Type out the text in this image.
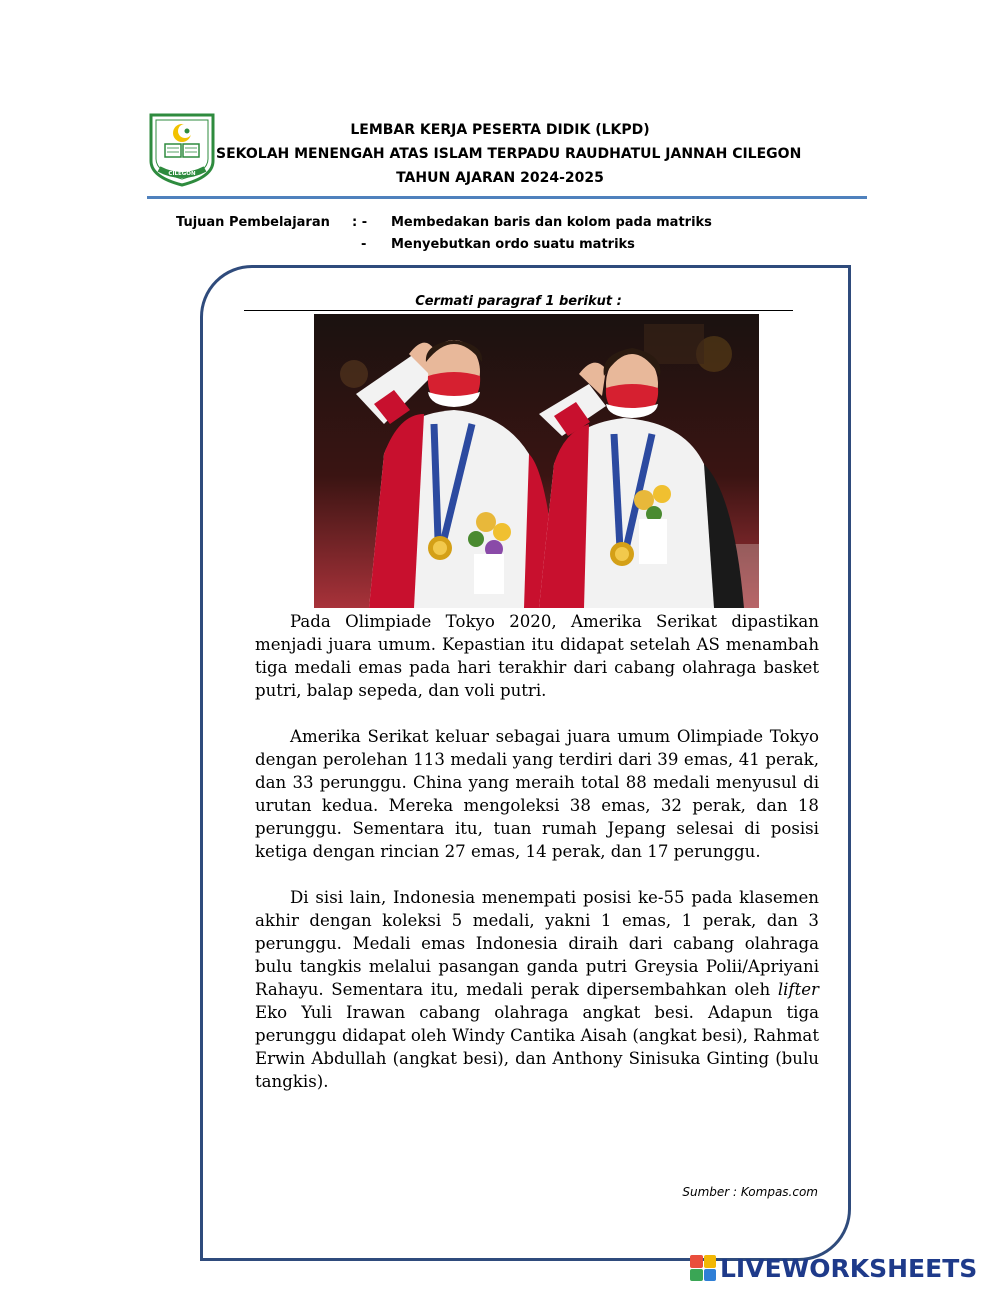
CILEGON
LEMBAR KERJA PESERTA DIDIK (LKPD)
SEKOLAH MENENGAH ATAS ISLAM TERPADU RAUDHATUL JANNAH CILEGON
TAHUN AJARAN 2024-2025
Tujuan Pembelajaran : -
-
Membedakan baris dan kolom pada matriks
Menyebutkan ordo suatu matriks
Cermati paragraf 1 berikut :

Pada Olimpiade Tokyo 2020, Amerika Serikat dipastikan menjadi juara umum. Kepastian itu didapat setelah AS menambah tiga medali emas pada hari terakhir dari cabang olahraga basket putri, balap sepeda, dan voli putri.

Amerika Serikat keluar sebagai juara umum Olimpiade Tokyo dengan perolehan 113 medali yang terdiri dari 39 emas, 41 perak, dan 33 perunggu. China yang meraih total 88 medali menyusul di urutan kedua. Mereka mengoleksi 38 emas, 32 perak, dan 18 perunggu. Sementara itu, tuan rumah Jepang selesai di posisi ketiga dengan rincian 27 emas, 14 perak, dan 17 perunggu.

Di sisi lain, Indonesia menempati posisi ke-55 pada klasemen akhir dengan koleksi 5 medali, yakni 1 emas, 1 perak, dan 3 perunggu. Medali emas Indonesia diraih dari cabang olahraga bulu tangkis melalui pasangan ganda putri Greysia Polii/Apriyani Rahayu. Sementara itu, medali perak dipersembahkan oleh lifter Eko Yuli Irawan cabang olahraga angkat besi. Adapun tiga perunggu didapat oleh Windy Cantika Aisah (angkat besi), Rahmat Erwin Abdullah (angkat besi), dan Anthony Sinisuka Ginting (bulu tangkis).

Sumber : Kompas.com
LIVEWORKSHEETS
